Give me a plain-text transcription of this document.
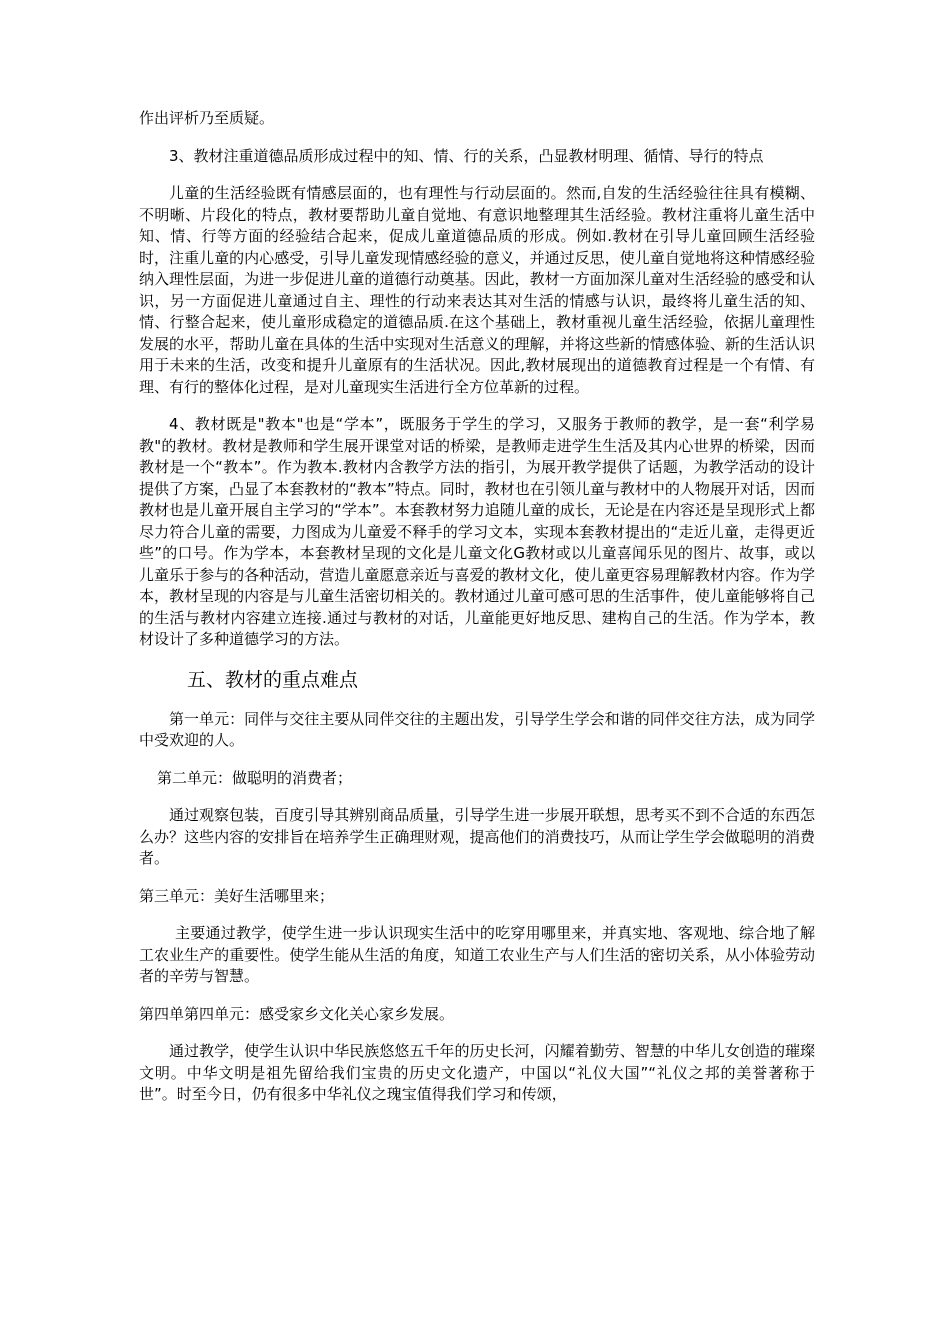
作出评析乃至质疑。

3、教材注重道德品质形成过程中的知、情、行的关系，凸显教材明理、循情、导行的特点

儿童的生活经验既有情感层面的，也有理性与行动层面的。然而,自发的生活经验往往具有模糊、不明晰、片段化的特点，教材要帮助儿童自觉地、有意识地整理其生活经验。教材注重将儿童生活中知、情、行等方面的经验结合起来，促成儿童道德品质的形成。例如.教材在引导儿童回顾生活经验时，注重儿童的内心感受，引导儿童发现情感经验的意义，并通过反思，使儿童自觉地将这种情感经验纳入理性层面，为进一步促进儿童的道德行动奠基。因此，教材一方面加深儿童对生活经验的感受和认识，另一方面促进儿童通过自主、理性的行动来表达其对生活的情感与认识，最终将儿童生活的知、情、行整合起来，使儿童形成稳定的道德品质.在这个基础上，教材重视儿童生活经验，依据儿童理性发展的水平，帮助儿童在具体的生活中实现对生活意义的理解，并将这些新的情感体验、新的生活认识用于未来的生活，改变和提升儿童原有的生活状况。因此,教材展现出的道德教育过程是一个有情、有理、有行的整体化过程，是对儿童现实生活进行全方位革新的过程。

4、教材既是"教本"也是“学本”，既服务于学生的学习，又服务于教师的教学，是一套“利学易教"的教材。教材是教师和学生展开课堂对话的桥梁，是教师走进学生生活及其内心世界的桥梁，因而教材是一个“教本”。作为教本.教材内含教学方法的指引，为展开教学提供了话题，为教学活动的设计提供了方案，凸显了本套教材的“教本”特点。同时，教材也在引领儿童与教材中的人物展开对话，因而教材也是儿童开展自主学习的“学本”。本套教材努力追随儿童的成长，无论是在内容还是呈现形式上都尽力符合儿童的需要，力图成为儿童爱不释手的学习文本，实现本套教材提出的“走近儿童，走得更近些”的口号。作为学本，本套教材呈现的文化是儿童文化G教材或以儿童喜闻乐见的图片、故事，或以儿童乐于参与的各种活动，营造儿童愿意亲近与喜爱的教材文化，使儿童更容易理解教材内容。作为学本，教材呈现的内容是与儿童生活密切相关的。教材通过儿童可感可思的生活事件，使儿童能够将自己的生活与教材内容建立连接.通过与教材的对话，儿童能更好地反思、建构自己的生活。作为学本，教材设计了多种道德学习的方法。

五、教材的重点难点

第一单元：同伴与交往主要从同伴交往的主题出发，引导学生学会和谐的同伴交往方法，成为同学中受欢迎的人。

第二单元：做聪明的消费者；

通过观察包装，百度引导其辨别商品质量，引导学生进一步展开联想，思考买不到不合适的东西怎么办？这些内容的安排旨在培养学生正确理财观，提高他们的消费技巧，从而让学生学会做聪明的消费者。

第三单元：美好生活哪里来；

主要通过教学，使学生进一步认识现实生活中的吃穿用哪里来，并真实地、客观地、综合地了解工农业生产的重要性。使学生能从生活的角度，知道工农业生产与人们生活的密切关系，从小体验劳动者的辛劳与智慧。

第四单第四单元：感受家乡文化关心家乡发展。

通过教学，使学生认识中华民族悠悠五千年的历史长河，闪耀着勤劳、智慧的中华儿女创造的璀璨文明。中华文明是祖先留给我们宝贵的历史文化遗产，中国以“礼仪大国”“礼仪之邦的美誉著称于世”。时至今日，仍有很多中华礼仪之瑰宝值得我们学习和传颂，
